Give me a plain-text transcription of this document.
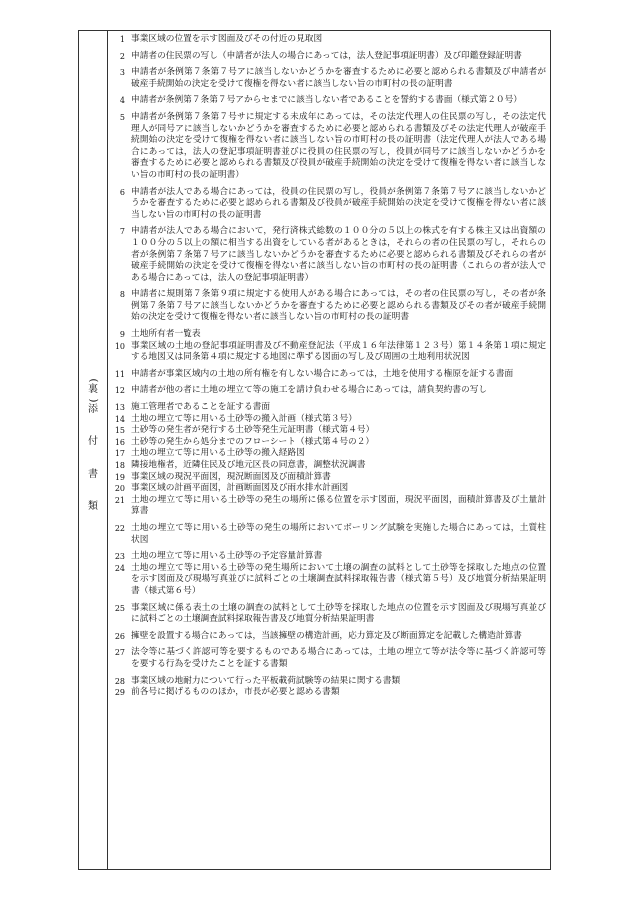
(
裏
)
添
付
書
類
1 事業区域の位置を示す図面及びその付近の見取図
2 申請者の住民票の写し（申請者が法人の場合にあっては，法人登記事項証明書）及び印鑑登録証明書
3 申請者が条例第７条第７号アに該当しないかどうかを審査するために必要と認められる書類及び申請者が破産手続開始の決定を受けて復権を得ない者に該当しない旨の市町村の長の証明書
4 申請者が条例第７条第７号アからセまでに該当しない者であることを誓約する書面（様式第２０号）
5 申請者が条例第７条第７号サに規定する未成年にあっては，その法定代理人の住民票の写し，その法定代理人が同号アに該当しないかどうかを審査するために必要と認められる書類及びその法定代理人が破産手続開始の決定を受けて復権を得ない者に該当しない旨の市町村の長の証明書（法定代理人が法人である場合にあっては，法人の登記事項証明書並びに役員の住民票の写し，役員が同号アに該当しないかどうかを審査するために必要と認められる書類及び役員が破産手続開始の決定を受けて復権を得ない者に該当しない旨の市町村の長の証明書）
6 申請者が法人である場合にあっては，役員の住民票の写し，役員が条例第７条第７号アに該当しないかどうかを審査するために必要と認められる書類及び役員が破産手続開始の決定を受けて復権を得ない者に該当しない旨の市町村の長の証明書
7 申請者が法人である場合において，発行済株式総数の１００分の５以上の株式を有する株主又は出資額の１００分の５以上の額に相当する出資をしている者があるときは，それらの者の住民票の写し，それらの者が条例第７条第７号アに該当しないかどうかを審査するために必要と認められる書類及びそれらの者が破産手続開始の決定を受けて復権を得ない者に該当しない旨の市町村の長の証明書（これらの者が法人である場合にあっては，法人の登記事項証明書）
8 申請者に規則第７条第９項に規定する使用人がある場合にあっては，その者の住民票の写し，その者が条例第７条第７号アに該当しないかどうかを審査するために必要と認められる書類及びその者が破産手続開始の決定を受けて復権を得ない者に該当しない旨の市町村の長の証明書
9 土地所有者一覧表
10 事業区域の土地の登記事項証明書及び不動産登記法（平成１６年法律第１２３号）第１４条第１項に規定する地図又は同条第４項に規定する地図に準ずる図面の写し及び周囲の土地利用状況図
11 申請者が事業区域内の土地の所有権を有しない場合にあっては，土地を使用する権原を証する書面
12 申請者が他の者に土地の埋立て等の施工を請け負わせる場合にあっては，請負契約書の写し
13 施工管理者であることを証する書面
14 土地の埋立て等に用いる土砂等の搬入計画（様式第３号）
15 土砂等の発生者が発行する土砂等発生元証明書（様式第４号）
16 土砂等の発生から処分までのフローシート（様式第４号の２）
17 土地の埋立て等に用いる土砂等の搬入経路図
18 隣接地権者，近隣住民及び地元区長の同意書，調整状況調書
19 事業区域の現況平面図，現況断面図及び面積計算書
20 事業区域の計画平面図，計画断面図及び雨水排水計画図
21 土地の埋立て等に用いる土砂等の発生の場所に係る位置を示す図面，現況平面図，面積計算書及び土量計算書
22 土地の埋立て等に用いる土砂等の発生の場所においてボーリング試験を実施した場合にあっては，土質柱状図
23 土地の埋立て等に用いる土砂等の予定容量計算書
24 土地の埋立て等に用いる土砂等の発生場所において土壌の調査の試料として土砂等を採取した地点の位置を示す図面及び現場写真並びに試料ごとの土壌調査試料採取報告書（様式第５号）及び地質分析結果証明書（様式第６号）
25 事業区域に係る表土の土壌の調査の試料として土砂等を採取した地点の位置を示す図面及び現場写真並びに試料ごとの土壌調査試料採取報告書及び地質分析結果証明書
26 擁壁を設置する場合にあっては，当該擁壁の構造計画，応力算定及び断面算定を記載した構造計算書
27 法令等に基づく許認可等を要するものである場合にあっては，土地の埋立て等が法令等に基づく許認可等を要する行為を受けたことを証する書類
28 事業区域の地耐力について行った平板載荷試験等の結果に関する書類
29 前各号に掲げるもののほか，市長が必要と認める書類
